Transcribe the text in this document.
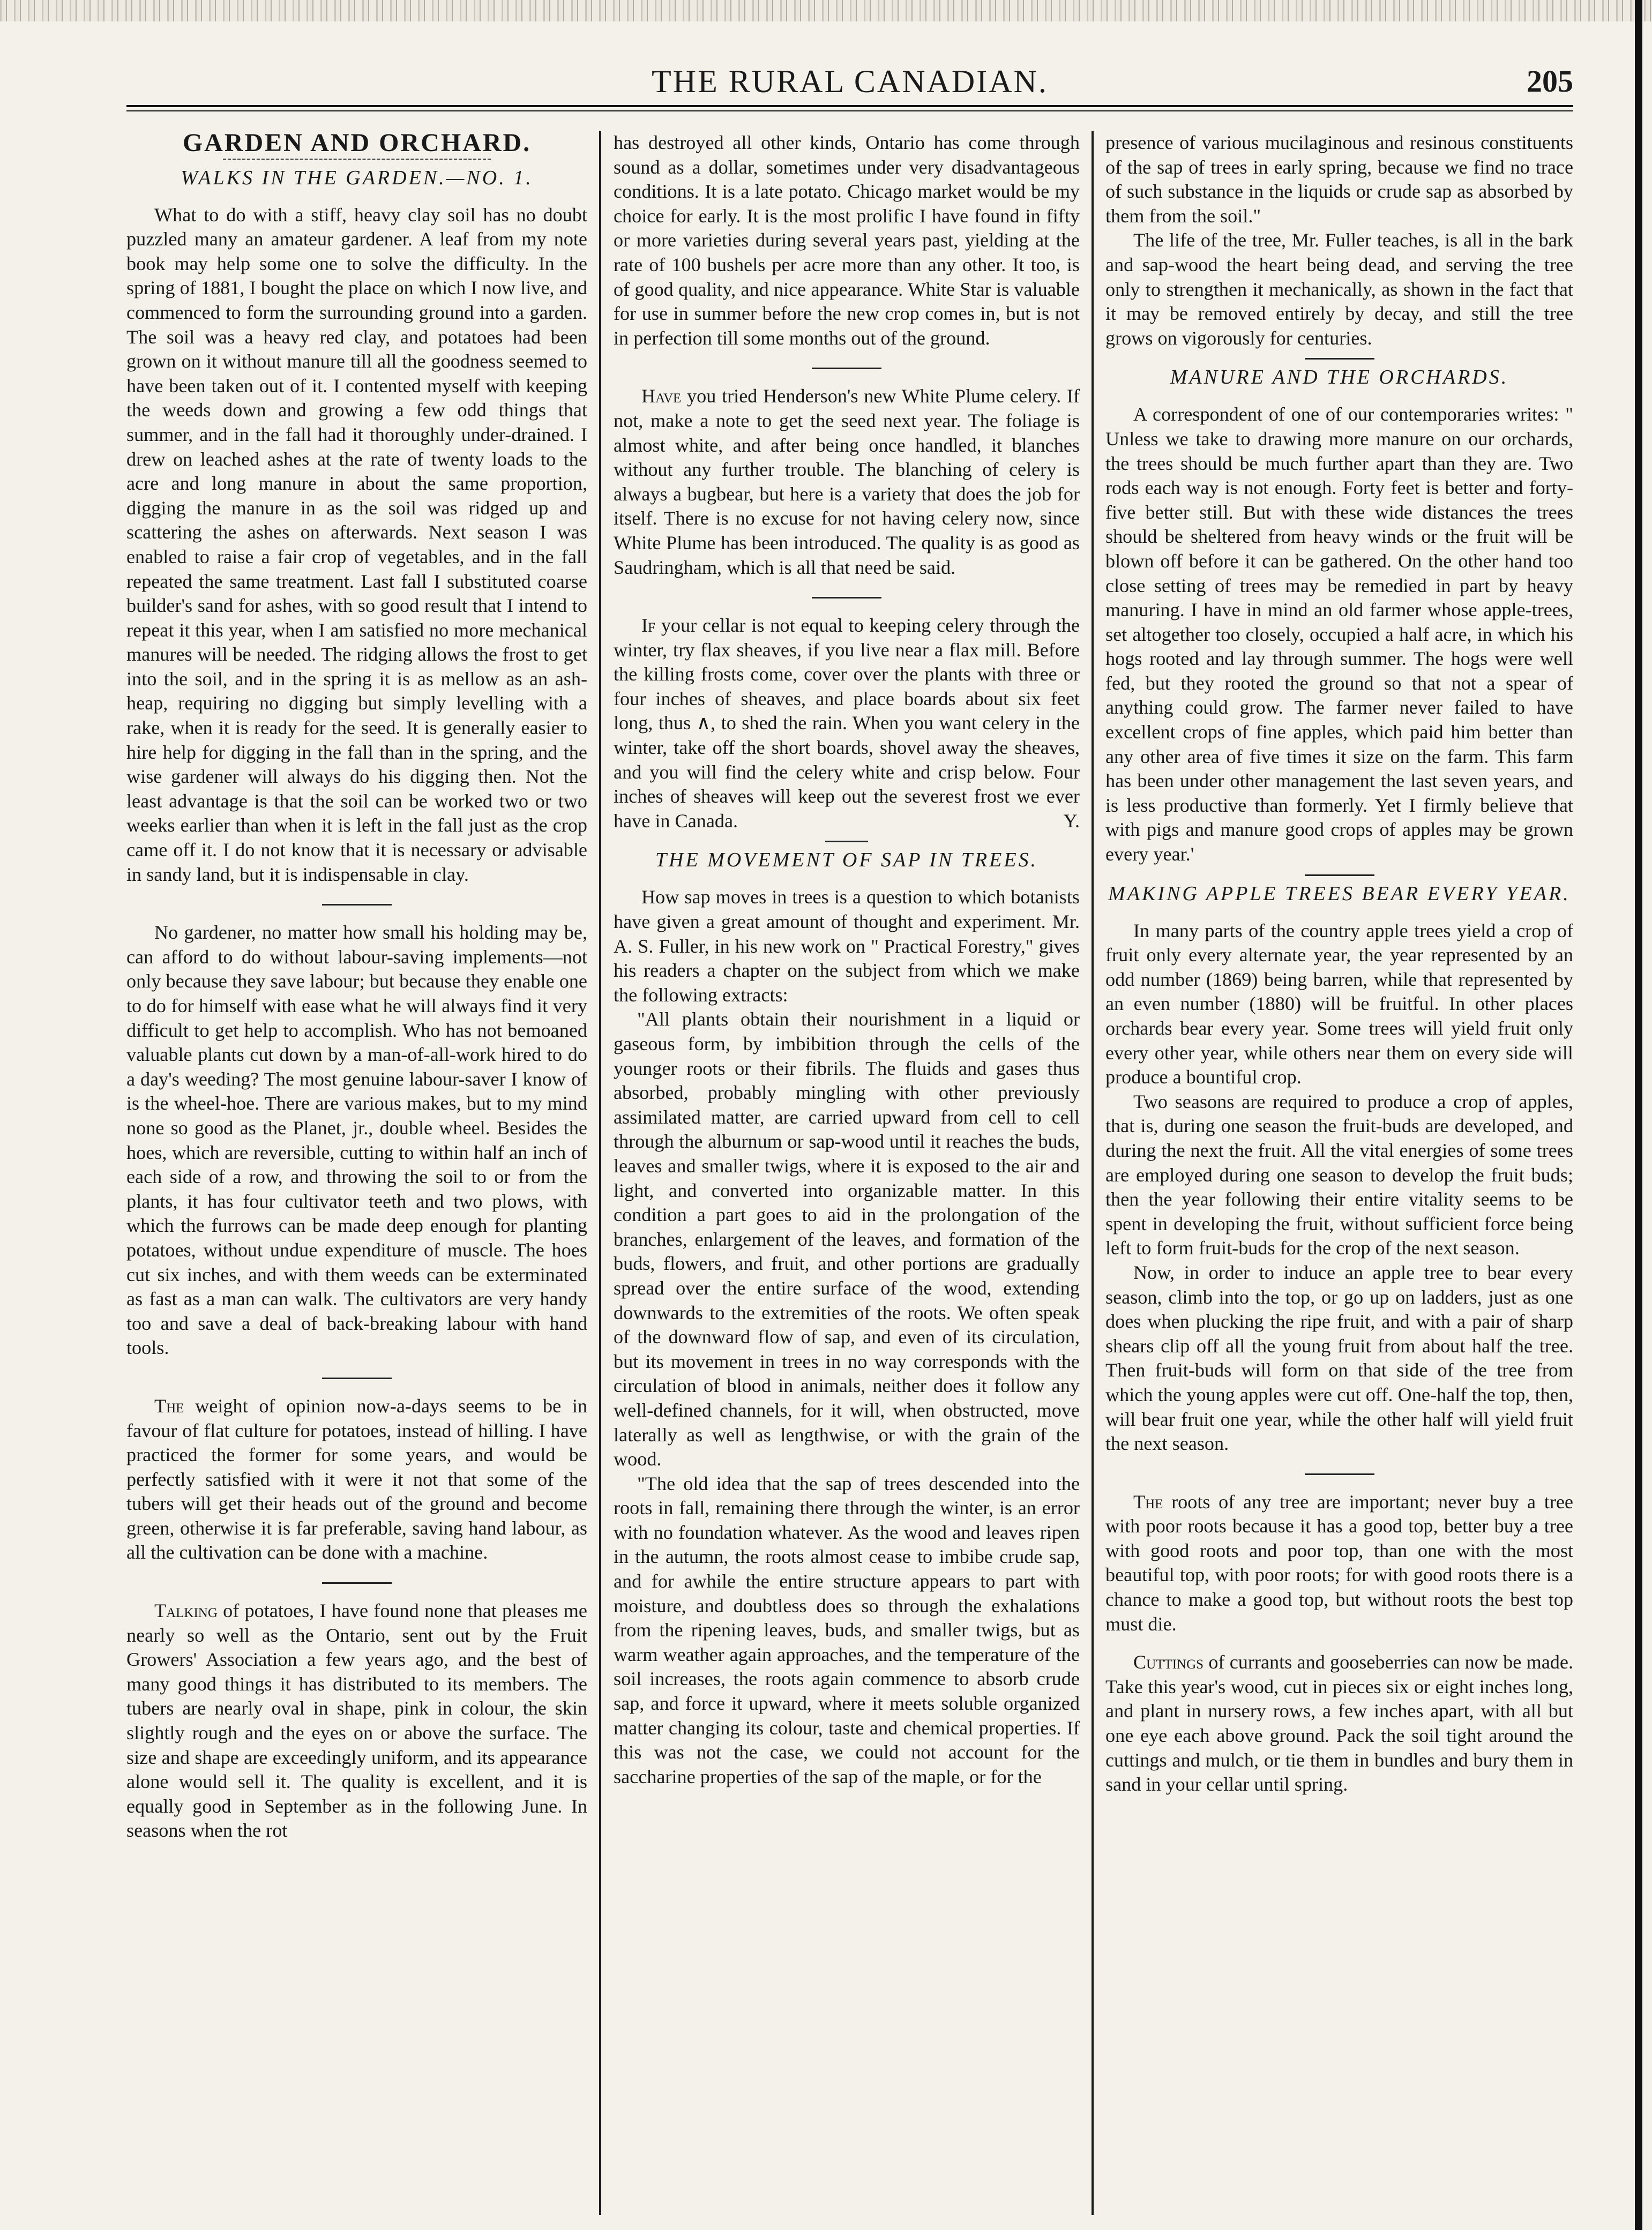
THE RURAL CANADIAN.	205
GARDEN AND ORCHARD.
WALKS IN THE GARDEN.—NO. 1.

What to do with a stiff, heavy clay soil has no doubt puzzled many an amateur gardener. A leaf from my note book may help some one to solve the difficulty. In the spring of 1881, I bought the place on which I now live, and commenced to form the surrounding ground into a garden. The soil was a heavy red clay, and potatoes had been grown on it without manure till all the goodness seemed to have been taken out of it. I contented myself with keeping the weeds down and growing a few odd things that summer, and in the fall had it thoroughly under-drained. I drew on leached ashes at the rate of twenty loads to the acre and long manure in about the same proportion, digging the manure in as the soil was ridged up and scattering the ashes on afterwards. Next season I was enabled to raise a fair crop of vegetables, and in the fall repeated the same treatment. Last fall I substituted coarse builder's sand for ashes, with so good result that I intend to repeat it this year, when I am satisfied no more mechanical manures will be needed. The ridging allows the frost to get into the soil, and in the spring it is as mellow as an ash-heap, requiring no digging but simply levelling with a rake, when it is ready for the seed. It is generally easier to hire help for digging in the fall than in the spring, and the wise gardener will always do his digging then. Not the least advantage is that the soil can be worked two or two weeks earlier than when it is left in the fall just as the crop came off it. I do not know that it is necessary or advisable in sandy land, but it is indispensable in clay.

No gardener, no matter how small his holding may be, can afford to do without labour-saving implements—not only because they save labour; but because they enable one to do for himself with ease what he will always find it very difficult to get help to accomplish. Who has not bemoaned valuable plants cut down by a man-of-all-work hired to do a day's weeding? The most genuine labour-saver I know of is the wheel-hoe. There are various makes, but to my mind none so good as the Planet, jr., double wheel. Besides the hoes, which are reversible, cutting to within half an inch of each side of a row, and throwing the soil to or from the plants, it has four cultivator teeth and two plows, with which the furrows can be made deep enough for planting potatoes, without undue expenditure of muscle. The hoes cut six inches, and with them weeds can be exterminated as fast as a man can walk. The cultivators are very handy too and save a deal of back-breaking labour with hand tools.

The weight of opinion now-a-days seems to be in favour of flat culture for potatoes, instead of hilling. I have practiced the former for some years, and would be perfectly satisfied with it were it not that some of the tubers will get their heads out of the ground and become green, otherwise it is far preferable, saving hand labour, as all the cultivation can be done with a machine.

Talking of potatoes, I have found none that pleases me nearly so well as the Ontario, sent out by the Fruit Growers' Association a few years ago, and the best of many good things it has distributed to its members. The tubers are nearly oval in shape, pink in colour, the skin slightly rough and the eyes on or above the surface. The size and shape are exceedingly uniform, and its appearance alone would sell it. The quality is excellent, and it is equally good in September as in the following June. In seasons when the rot

has destroyed all other kinds, Ontario has come through sound as a dollar, sometimes under very disadvantageous conditions. It is a late potato. Chicago market would be my choice for early. It is the most prolific I have found in fifty or more varieties during several years past, yielding at the rate of 100 bushels per acre more than any other. It too, is of good quality, and nice appearance. White Star is valuable for use in summer before the new crop comes in, but is not in perfection till some months out of the ground.

Have you tried Henderson's new White Plume celery. If not, make a note to get the seed next year. The foliage is almost white, and after being once handled, it blanches without any further trouble. The blanching of celery is always a bugbear, but here is a variety that does the job for itself. There is no excuse for not having celery now, since White Plume has been introduced. The quality is as good as Saudringham, which is all that need be said.

If your cellar is not equal to keeping celery through the winter, try flax sheaves, if you live near a flax mill. Before the killing frosts come, cover over the plants with three or four inches of sheaves, and place boards about six feet long, thus ∧, to shed the rain. When you want celery in the winter, take off the short boards, shovel away the sheaves, and you will find the celery white and crisp below. Four inches of sheaves will keep out the severest frost we ever have in Canada.	Y.

THE MOVEMENT OF SAP IN TREES.

How sap moves in trees is a question to which botanists have given a great amount of thought and experiment. Mr. A. S. Fuller, in his new work on " Practical Forestry," gives his readers a chapter on the subject from which we make the following extracts:

"All plants obtain their nourishment in a liquid or gaseous form, by imbibition through the cells of the younger roots or their fibrils. The fluids and gases thus absorbed, probably mingling with other previously assimilated matter, are carried upward from cell to cell through the alburnum or sap-wood until it reaches the buds, leaves and smaller twigs, where it is exposed to the air and light, and converted into organizable matter. In this condition a part goes to aid in the prolongation of the branches, enlargement of the leaves, and formation of the buds, flowers, and fruit, and other portions are gradually spread over the entire surface of the wood, extending downwards to the extremities of the roots. We often speak of the downward flow of sap, and even of its circulation, but its movement in trees in no way corresponds with the circulation of blood in animals, neither does it follow any well-defined channels, for it will, when obstructed, move laterally as well as lengthwise, or with the grain of the wood.

"The old idea that the sap of trees descended into the roots in fall, remaining there through the winter, is an error with no foundation whatever. As the wood and leaves ripen in the autumn, the roots almost cease to imbibe crude sap, and for awhile the entire structure appears to part with moisture, and doubtless does so through the exhalations from the ripening leaves, buds, and smaller twigs, but as warm weather again approaches, and the temperature of the soil increases, the roots again commence to absorb crude sap, and force it upward, where it meets soluble organized matter changing its colour, taste and chemical properties. If this was not the case, we could not account for the saccharine properties of the sap of the maple, or for the

presence of various mucilaginous and resinous constituents of the sap of trees in early spring, because we find no trace of such substance in the liquids or crude sap as absorbed by them from the soil."

The life of the tree, Mr. Fuller teaches, is all in the bark and sap-wood the heart being dead, and serving the tree only to strengthen it mechanically, as shown in the fact that it may be removed entirely by decay, and still the tree grows on vigorously for centuries.

MANURE AND THE ORCHARDS.

A correspondent of one of our contemporaries writes: " Unless we take to drawing more manure on our orchards, the trees should be much further apart than they are. Two rods each way is not enough. Forty feet is better and forty-five better still. But with these wide distances the trees should be sheltered from heavy winds or the fruit will be blown off before it can be gathered. On the other hand too close setting of trees may be remedied in part by heavy manuring. I have in mind an old farmer whose apple-trees, set altogether too closely, occupied a half acre, in which his hogs rooted and lay through summer. The hogs were well fed, but they rooted the ground so that not a spear of anything could grow. The farmer never failed to have excellent crops of fine apples, which paid him better than any other area of five times it size on the farm. This farm has been under other management the last seven years, and is less productive than formerly. Yet I firmly believe that with pigs and manure good crops of apples may be grown every year.'

MAKING APPLE TREES BEAR EVERY YEAR.

In many parts of the country apple trees yield a crop of fruit only every alternate year, the year represented by an odd number (1869) being barren, while that represented by an even number (1880) will be fruitful. In other places orchards bear every year. Some trees will yield fruit only every other year, while others near them on every side will produce a bountiful crop.

Two seasons are required to produce a crop of apples, that is, during one season the fruit-buds are developed, and during the next the fruit. All the vital energies of some trees are employed during one season to develop the fruit buds; then the year following their entire vitality seems to be spent in developing the fruit, without sufficient force being left to form fruit-buds for the crop of the next season.

Now, in order to induce an apple tree to bear every season, climb into the top, or go up on ladders, just as one does when plucking the ripe fruit, and with a pair of sharp shears clip off all the young fruit from about half the tree. Then fruit-buds will form on that side of the tree from which the young apples were cut off. One-half the top, then, will bear fruit one year, while the other half will yield fruit the next season.

The roots of any tree are important; never buy a tree with poor roots because it has a good top, better buy a tree with good roots and poor top, than one with the most beautiful top, with poor roots; for with good roots there is a chance to make a good top, but without roots the best top must die.

Cuttings of currants and gooseberries can now be made. Take this year's wood, cut in pieces six or eight inches long, and plant in nursery rows, a few inches apart, with all but one eye each above ground. Pack the soil tight around the cuttings and mulch, or tie them in bundles and bury them in sand in your cellar until spring.
